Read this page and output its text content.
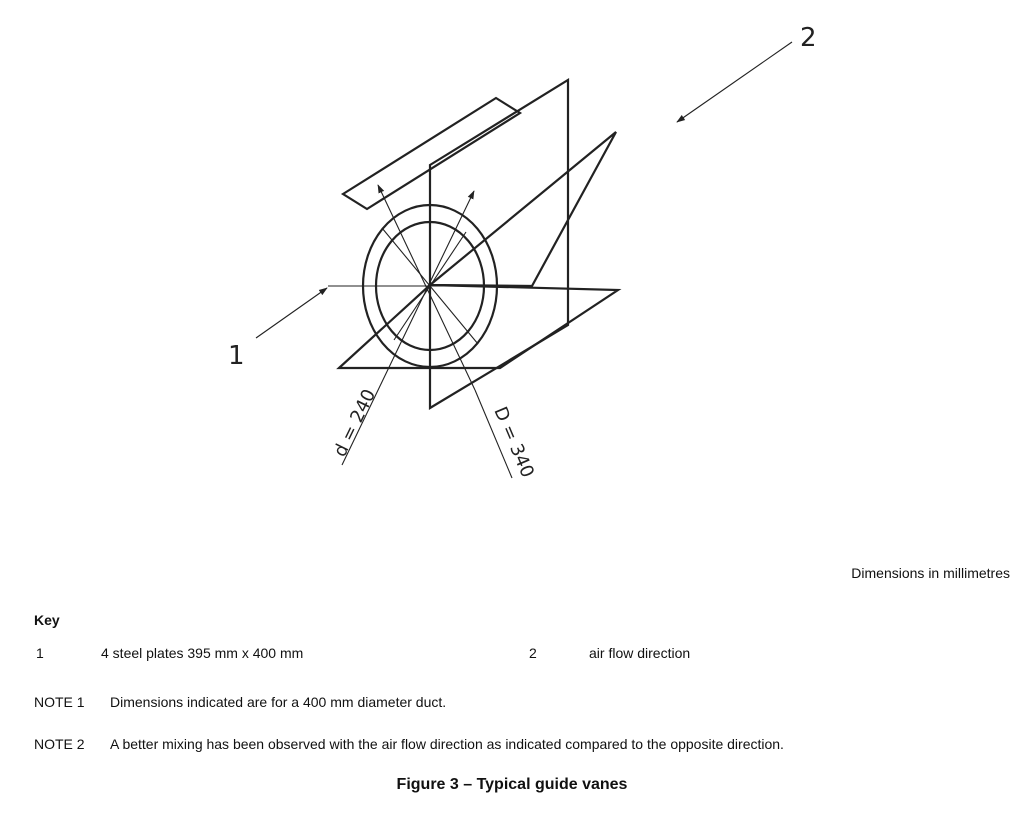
1
2
d = 240	D = 340
Dimensions in millimetres
Key
1	4 steel plates 395 mm x 400 mm	2	air flow direction
NOTE 1 Dimensions indicated are for a 400 mm diameter duct.
NOTE 2 A better mixing has been observed with the air flow direction as indicated compared to the opposite direction.
Figure 3 – Typical guide vanes
